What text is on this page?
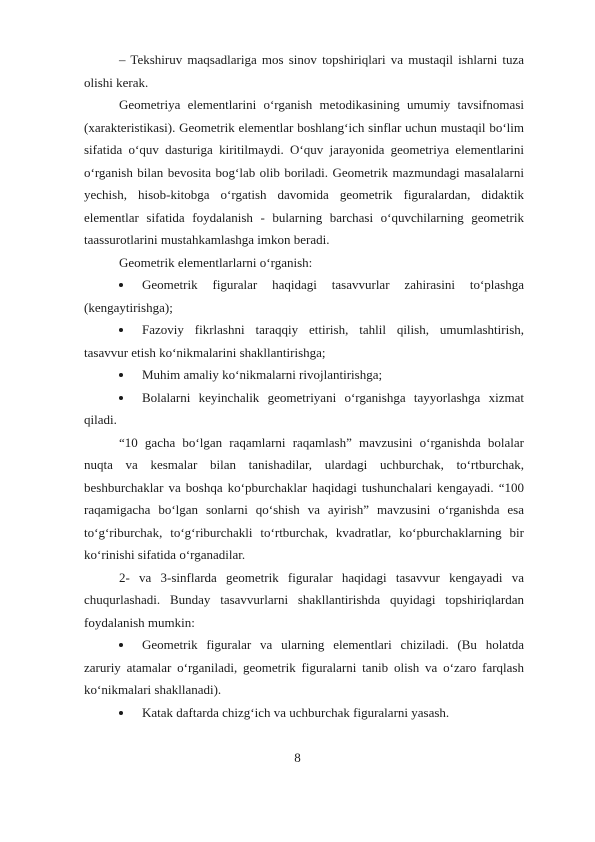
– Tekshiruv maqsadlariga mos sinov topshiriqlari va mustaqil ishlarni tuza olishi kerak.

Geometriya elementlarini o‘rganish metodikasining umumiy tavsifnomasi (xarakteristikasi). Geometrik elementlar boshlang‘ich sinflar uchun mustaqil bo‘lim sifatida o‘quv dasturiga kiritilmaydi. O‘quv jarayonida geometriya elementlarini o‘rganish bilan bevosita bog‘lab olib boriladi. Geometrik mazmundagi masalalarni yechish, hisob-kitobga o‘rgatish davomida geometrik figuralardan, didaktik elementlar sifatida foydalanish - bularning barchasi o‘quvchilarning geometrik taassurotlarini mustahkamlashga imkon beradi.

Geometrik elementlarlarni o‘rganish:

Geometrik figuralar haqidagi tasavvurlar zahirasini to‘plashga (kengaytirishga);
Fazoviy fikrlashni taraqqiy ettirish, tahlil qilish, umumlashtirish, tasavvur etish ko‘nikmalarini shakllantirishga;
Muhim amaliy ko‘nikmalarni rivojlantirishga;
Bolalarni keyinchalik geometriyani o‘rganishga tayyorlashga xizmat qiladi.

“10 gacha bo‘lgan raqamlarni raqamlash” mavzusini o‘rganishda bolalar nuqta va kesmalar bilan tanishadilar, ulardagi uchburchak, to‘rtburchak, beshburchaklar va boshqa ko‘pburchaklar haqidagi tushunchalari kengayadi. “100 raqamigacha bo‘lgan sonlarni qo‘shish va ayirish” mavzusini o‘rganishda esa to‘g‘riburchak, to‘g‘riburchakli to‘rtburchak, kvadratlar, ko‘pburchaklarning bir ko‘rinishi sifatida o‘rganadilar.

2- va 3-sinflarda geometrik figuralar haqidagi tasavvur kengayadi va chuqurlashadi. Bunday tasavvurlarni shakllantirishda quyidagi topshiriqlardan foydalanish mumkin:

Geometrik figuralar va ularning elementlari chiziladi. (Bu holatda zaruriy atamalar o‘rganiladi, geometrik figuralarni tanib olish va o‘zaro farqlash ko‘nikmalari shakllanadi).
Katak daftarda chizg‘ich va uchburchak figuralarni yasash.
8
